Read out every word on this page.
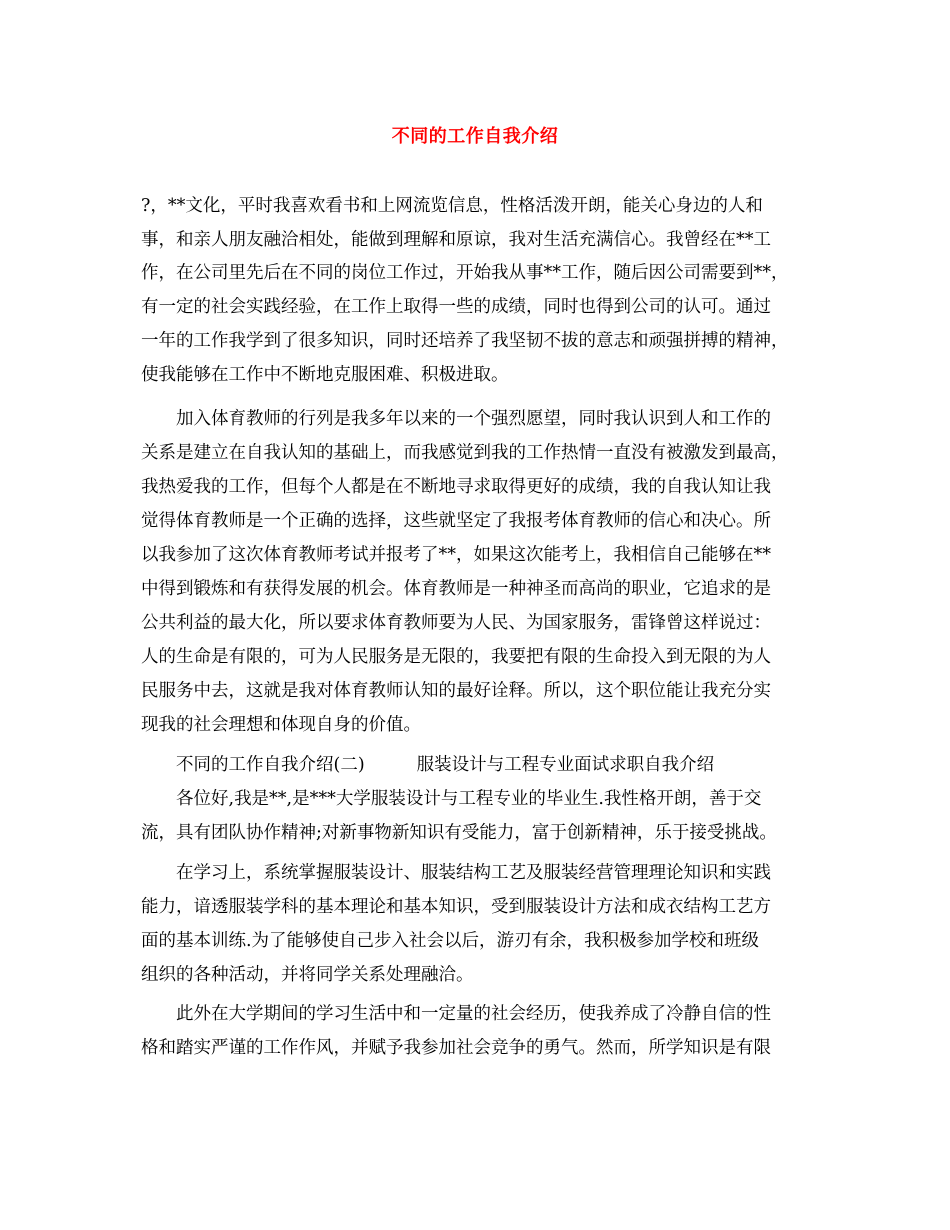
不同的工作自我介绍
?，**文化，平时我喜欢看书和上网流览信息，性格活泼开朗，能关心身边的人和
事，和亲人朋友融洽相处，能做到理解和原谅，我对生活充满信心。我曾经在**工
作，在公司里先后在不同的岗位工作过，开始我从事**工作，随后因公司需要到**，
有一定的社会实践经验，在工作上取得一些的成绩，同时也得到公司的认可。通过
一年的工作我学到了很多知识，同时还培养了我坚韧不拔的意志和顽强拼搏的精神，
使我能够在工作中不断地克服困难、积极进取。
加入体育教师的行列是我多年以来的一个强烈愿望，同时我认识到人和工作的
关系是建立在自我认知的基础上，而我感觉到我的工作热情一直没有被激发到最高，
我热爱我的工作，但每个人都是在不断地寻求取得更好的成绩，我的自我认知让我
觉得体育教师是一个正确的选择，这些就坚定了我报考体育教师的信心和决心。所
以我参加了这次体育教师考试并报考了**，如果这次能考上，我相信自己能够在**
中得到锻炼和有获得发展的机会。体育教师是一种神圣而高尚的职业，它追求的是
公共利益的最大化，所以要求体育教师要为人民、为国家服务，雷锋曾这样说过：
人的生命是有限的，可为人民服务是无限的，我要把有限的生命投入到无限的为人
民服务中去，这就是我对体育教师认知的最好诠释。所以，这个职位能让我充分实
现我的社会理想和体现自身的价值。
不同的工作自我介绍(二)	服装设计与工程专业面试求职自我介绍
各位好,我是**,是***大学服装设计与工程专业的毕业生.我性格开朗，善于交
流，具有团队协作精神;对新事物新知识有受能力，富于创新精神，乐于接受挑战。
在学习上，系统掌握服装设计、服装结构工艺及服装经营管理理论知识和实践
能力，谙透服装学科的基本理论和基本知识，受到服装设计方法和成衣结构工艺方
面的基本训练.为了能够使自己步入社会以后，游刃有余，我积极参加学校和班级
组织的各种活动，并将同学关系处理融洽。
此外在大学期间的学习生活中和一定量的社会经历，使我养成了冷静自信的性
格和踏实严谨的工作作风，并赋予我参加社会竞争的勇气。然而，所学知识是有限
